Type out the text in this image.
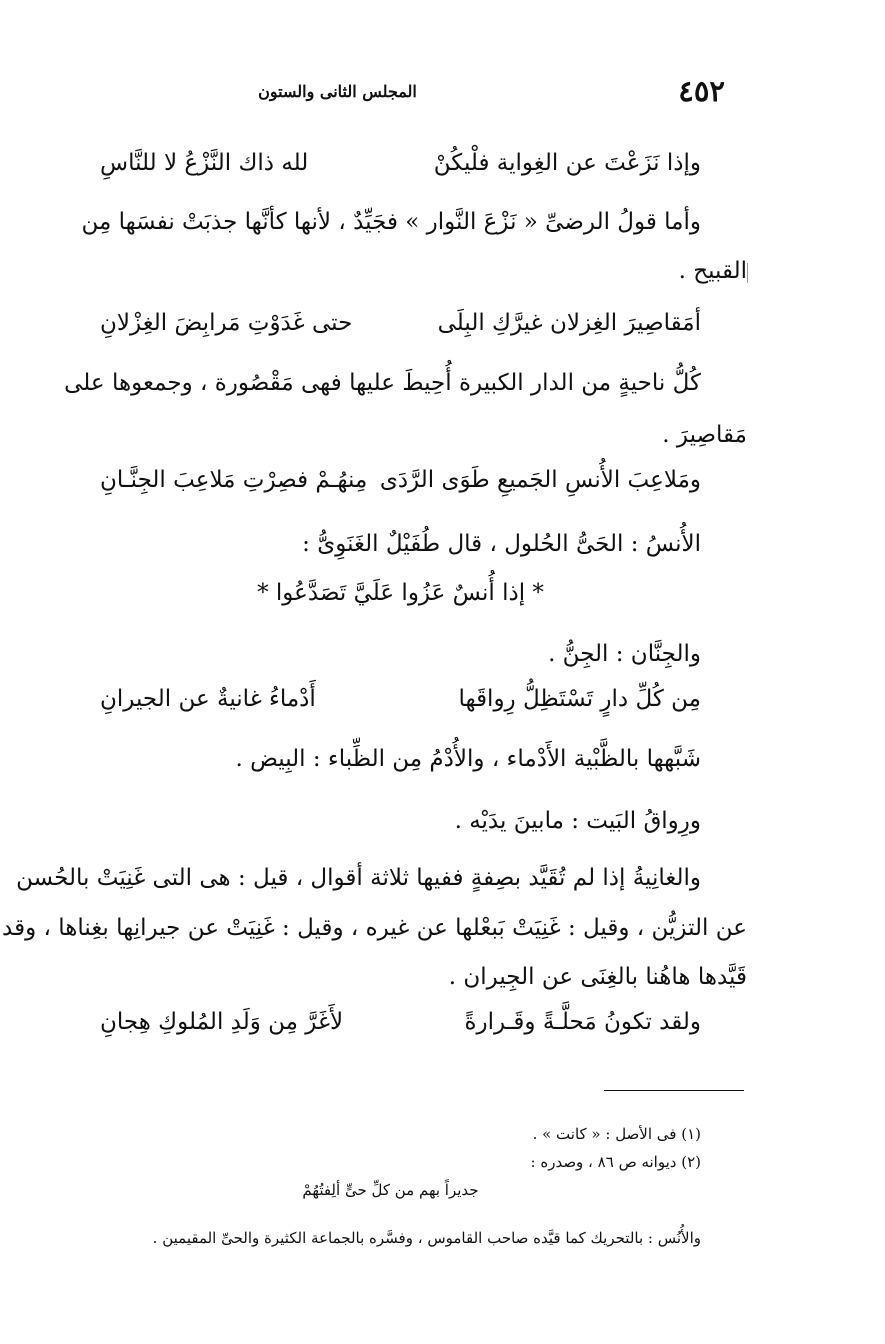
٤٥٢
المجلس الثانى والستون
وإذا نَزَعْتَ عن الغِواية فلْيكُنْ
لله ذاك النَّزْعُ لا للنَّاسِ
وأما قولُ الرضىِّ « نَزْعَ النَّوار » فجَيِّدٌ ، لأنها كأنَّها جذبَتْ نفسَها مِن
القبيح .
أمَقاصِيرَ الغِزلان غيرَّكِ البِلَى
حتى غَدَوْتِ مَرابِضَ الغِزْلانِ
كُلُّ ناحيةٍ من الدار الكبيرة أُحِيطَ عليها فهى مَقْصُورة ، وجمعوها على
مَقاصِيرَ .
ومَلاعِبَ الأُنسِ الجَميعِ طَوَى الرَّدَى
مِنهُـمْ فصِرْتِ مَلاعِبَ الجِنَّـانِ
الأُنسُ : الحَىُّ الحُلول ، قال طُفَيْلٌ الغَنَوِىُّ :
* إذا أُنسٌ عَزُوا عَلَيَّ تَصَدَّعُوا *
والجِنَّان : الجِنُّ .
مِن كُلِّ دارٍ تَسْتَظِلُّ رِواقَها
أَدْماءُ غانيةٌ عن الجيرانِ
شَبَّهها بالظَّبْية الأَدْماء ، والأُدْمُ مِن الظِّباء : البِيض .
ورِواقُ البَيت : مابينَ يدَيْه .
والغانِيةُ إذا لم تُقَيَّد بصِفةٍ ففيها ثلاثة أقوال ، قيل : هى التى غَنِيَتْ بالحُسن
عن التزيُّن ، وقيل : غَنِيَتْ بَبعْلها عن غيره ، وقيل : غَنِيَتْ عن جيرانِها بغِناها ، وقد
قَيَّدها هاهُنا بالغِنَى عن الجِيران .
ولقد تكونُ مَحلَّـةً وقَـرارةً
لأَغَرَّ مِن وَلَدِ المُلوكِ هِجانِ
(١) فى الأصل : « كانت » .
(٢) ديوانه ص ٨٦ ، وصدره :
جديراً بهم من كلِّ حىٍّ ألِفتُهُمْ
والأُنُس : بالتحريك كما قيَّده صاحب القاموس ، وفسَّره بالجماعة الكثيرة والحىِّ المقيمين .
